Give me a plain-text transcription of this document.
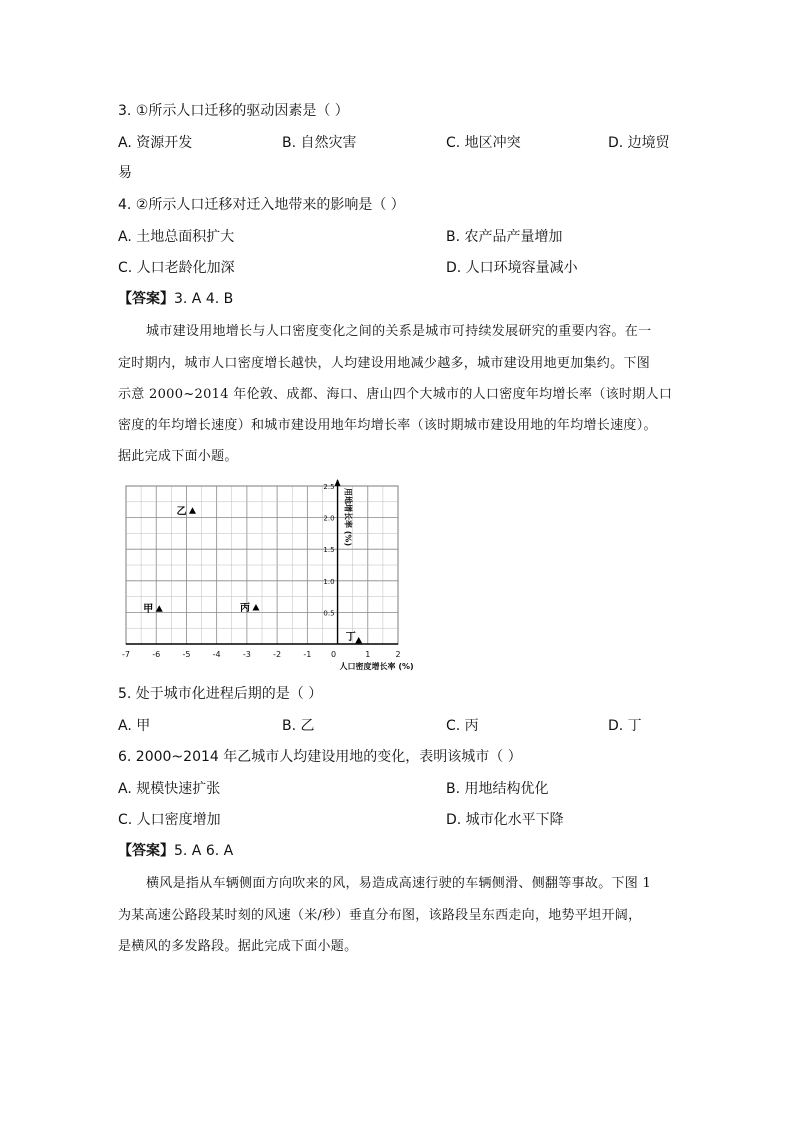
3. ①所示人口迁移的驱动因素是（ ）
A. 资源开发	B. 自然灾害	C. 地区冲突	D. 边境贸
易
4. ②所示人口迁移对迁入地带来的影响是（ ）
A. 土地总面积扩大	B. 农产品产量增加
C. 人口老龄化加深	D. 人口环境容量减小
【答案】3. A 4. B
城市建设用地增长与人口密度变化之间的关系是城市可持续发展研究的重要内容。在一
定时期内，城市人口密度增长越快，人均建设用地减少越多，城市建设用地更加集约。下图
示意 2000~2014 年伦敦、成都、海口、唐山四个大城市的人口密度年均增长率（该时期人口
密度的年均增长速度）和城市建设用地年均增长率（该时期城市建设用地的年均增长速度）。
据此完成下面小题。
-7	-6	-5	-4	-3	-2	-1	1	2
0
0.5
1.0
1.5
2.0
2.5
人口密度增长率 (%)
用地增长率 (%)
甲
乙
丙
丁
5. 处于城市化进程后期的是（ ）
A. 甲	B. 乙	C. 丙	D. 丁
6. 2000~2014 年乙城市人均建设用地的变化，表明该城市（ ）
A. 规模快速扩张	B. 用地结构优化
C. 人口密度增加	D. 城市化水平下降
【答案】5. A 6. A
横风是指从车辆侧面方向吹来的风，易造成高速行驶的车辆侧滑、侧翻等事故。下图 1
为某高速公路段某时刻的风速（米/秒）垂直分布图，该路段呈东西走向，地势平坦开阔，
是横风的多发路段。据此完成下面小题。
